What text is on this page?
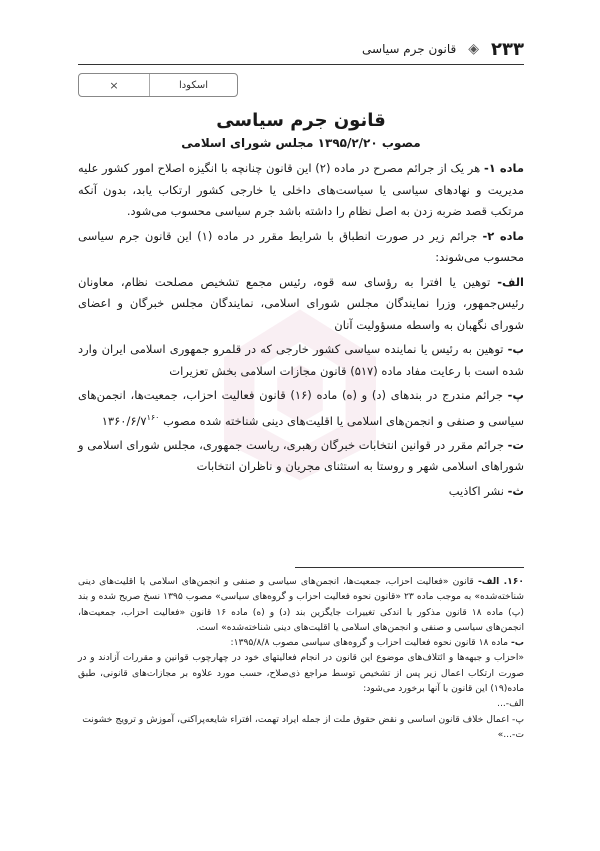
۲۳۳
◈
قانون جرم سیاسی
×
اسکودا
قانون جرم سیاسی
مصوب ۱۳۹۵/۲/۲۰ مجلس شورای اسلامی

ماده ۱- هر یک از جرائم مصرح در ماده (۲) این قانون چنانچه با انگیزه اصلاح امور کشور علیه مدیریت و نهادهای سیاسی یا سیاست‌های داخلی یا خارجی کشور ارتکاب یابد، بدون آنکه مرتکب قصد ضربه زدن به اصل نظام را داشته باشد جرم سیاسی محسوب می‌شود.

ماده ۲- جرائم زیر در صورت انطباق با شرایط مقرر در ماده (۱) این قانون جرم سیاسی محسوب می‌شوند:

الف- توهین یا افترا به رؤسای سه قوه، رئیس مجمع تشخیص مصلحت نظام، معاونان رئیس‌جمهور، وزرا نمایندگان مجلس شورای اسلامی، نمایندگان مجلس خبرگان و اعضای شورای نگهبان به واسطه مسؤولیت آنان

ب- توهین به رئیس یا نماینده سیاسی کشور خارجی که در قلمرو جمهوری اسلامی ایران وارد شده است با رعایت مفاد ماده (۵۱۷) قانون مجازات اسلامی بخش تعزیرات

پ- جرائم مندرج در بندهای (د) و (ه) ماده (۱۶) قانون فعالیت احزاب، جمعیت‌ها، انجمن‌های سیاسی و صنفی و انجمن‌های اسلامی یا اقلیت‌های دینی شناخته شده مصوب ۱۳۶۰/۶/۷$^{۱۶۰}$

ت- جرائم مقرر در قوانین انتخابات خبرگان رهبری، ریاست جمهوری، مجلس شورای اسلامی و شوراهای اسلامی شهر و روستا به استثنای مجریان و ناظران انتخابات

ث- نشر اکاذیب

۱۶۰. الف- قانون «فعالیت احزاب، جمعیت‌ها، انجمن‌های سیاسی و صنفی و انجمن‌های اسلامی یا اقلیت‌های دینی شناخته‌شده» به موجب ماده ۲۳ «قانون نحوه فعالیت احزاب و گروه‌های سیاسی» مصوب ۱۳۹۵ نسخ صریح شده و بند (پ) ماده ۱۸ قانون مذکور با اندکی تغییرات جایگزین بند (د) و (ه) ماده ۱۶ قانون «فعالیت احزاب، جمعیت‌ها، انجمن‌های سیاسی و صنفی و انجمن‌های اسلامی یا اقلیت‌های دینی شناخته‌شده» است.

ب- ماده ۱۸ قانون نحوه فعالیت احزاب و گروه‌های سیاسی مصوب ۱۳۹۵/۸/۸:

«احزاب و جبهه‌ها و ائتلاف‌های موضوع این قانون در انجام فعالیتهای خود در چهارچوب قوانین و مقررات آزادند و در صورت ارتکاب اعمال زیر پس از تشخیص توسط مراجع ذی‌صلاح، حسب مورد علاوه بر مجازات‌های قانونی، طبق ماده(۱۹) این قانون با آنها برخورد می‌شود:

الف-...

پ- اعمال خلاف قانون اساسی و نقض حقوق ملت از جمله ایراد تهمت، افتراء شایعه‌پراکنی، آموزش و ترویج خشونت

ت-...»
